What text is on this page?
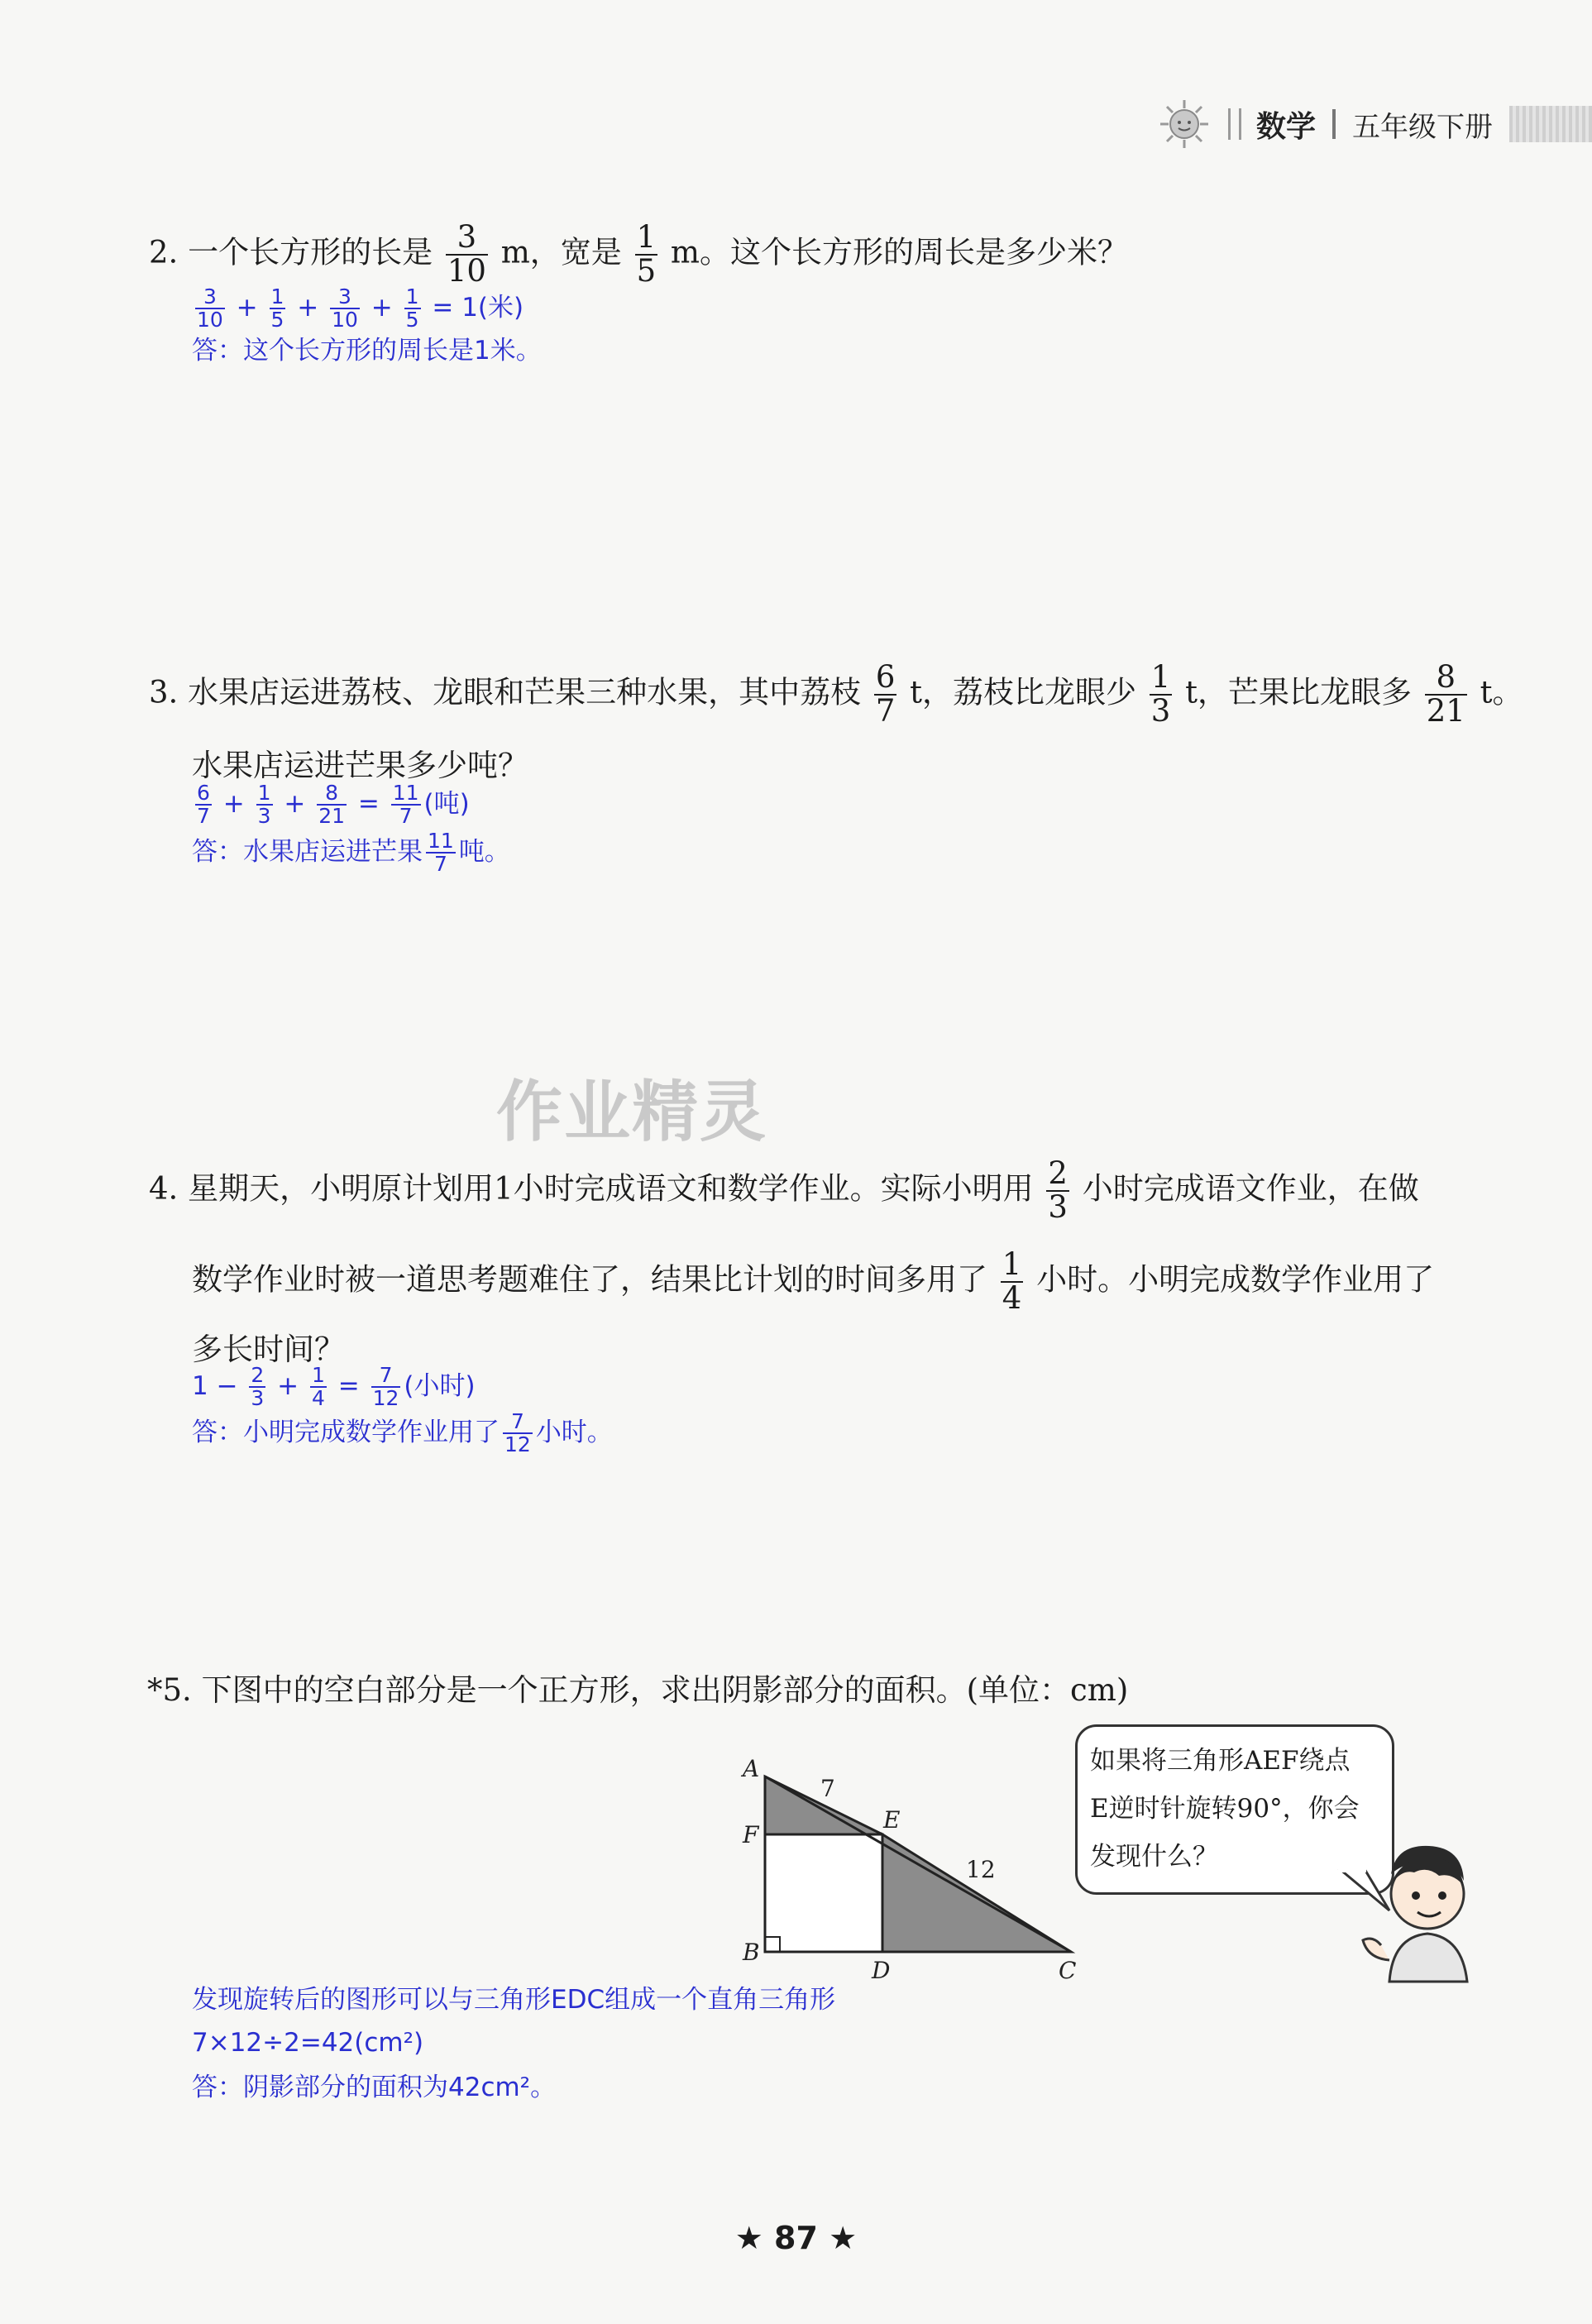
数学 五年级下册
2. 一个长方形的长是 $\frac{3}{10}$ m，宽是 $\frac{1}{5}$ m。这个长方形的周长是多少米？
$\frac{3}{10} + \frac{1}{5} + \frac{3}{10} + \frac{1}{5} = 1$(米)
答：这个长方形的周长是1米。
3. 水果店运进荔枝、龙眼和芒果三种水果，其中荔枝 $\frac{6}{7}$ t，荔枝比龙眼少 $\frac{1}{3}$ t，芒果比龙眼多 $\frac{8}{21}$ t。
水果店运进芒果多少吨？
$\frac{6}{7} + \frac{1}{3} + \frac{8}{21} = \frac{11}{7}$ (吨)
答：水果店运进芒果 $\frac{11}{7}$ 吨。
作业精灵
4. 星期天，小明原计划用1小时完成语文和数学作业。实际小明用 $\frac{2}{3}$ 小时完成语文作业，在做
数学作业时被一道思考题难住了，结果比计划的时间多用了 $\frac{1}{4}$ 小时。小明完成数学作业用了
多长时间？
$1 - \frac{2}{3} + \frac{1}{4} = \frac{7}{12}$ (小时)
答：小明完成数学作业用了 $\frac{7}{12}$ 小时。
*5. 下图中的空白部分是一个正方形，求出阴影部分的面积。(单位：cm)
A
F
E
B
D	C
7
12
如果将三角形AEF绕点
E逆时针旋转90°，你会
发现什么？
发现旋转后的图形可以与三角形EDC组成一个直角三角形
7×12÷2=42(cm²)
答：阴影部分的面积为42cm²。
★ 87 ★
